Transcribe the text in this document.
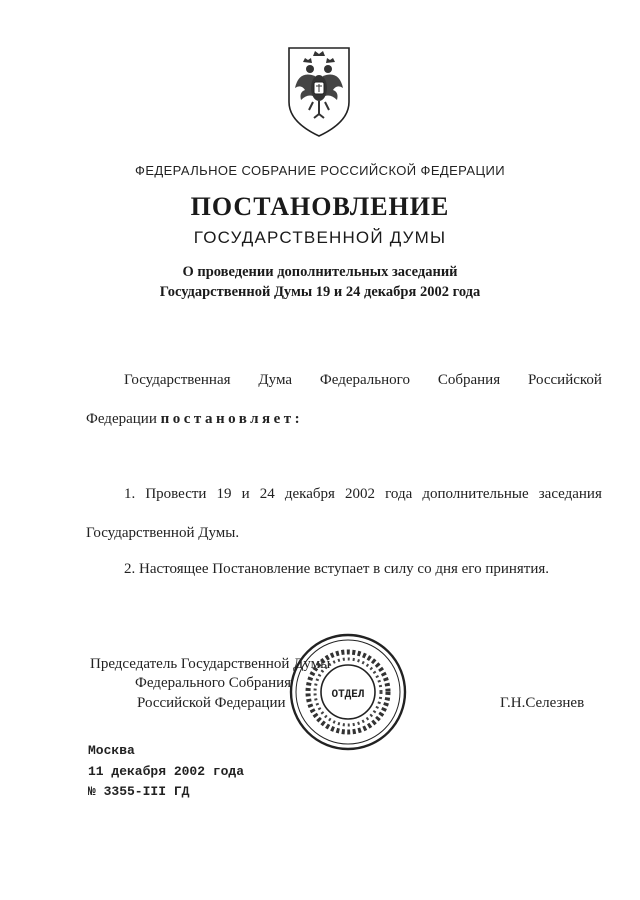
ФЕДЕРАЛЬНОЕ СОБРАНИЕ РОССИЙСКОЙ ФЕДЕРАЦИИ
ПОСТАНОВЛЕНИЕ
ГОСУДАРСТВЕННОЙ ДУМЫ
О проведении дополнительных заседаний
Государственной Думы 19 и 24 декабря 2002 года
Государственная Дума Федерального Собрания Российской
Федерации постановляет:
1. Провести 19 и 24 декабря 2002 года дополнительные заседания
Государственной Думы.
2. Настоящее Постановление вступает в силу со дня его принятия.
Председатель Государственной Думы
Федерального Собрания
Российской Федерации	Г.Н.Селезнев
ОТДЕЛ
Москва
11 декабря 2002 года
№ 3355-III ГД
